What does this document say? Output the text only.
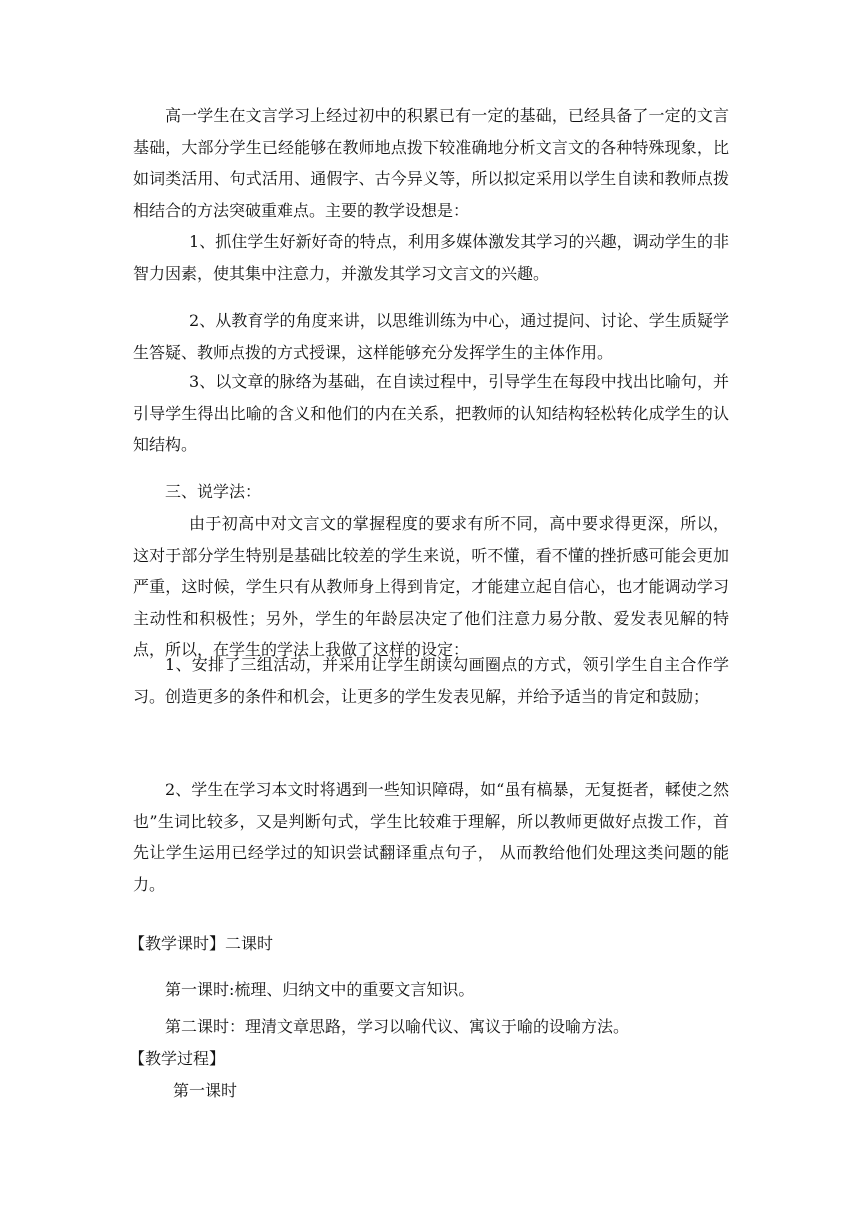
高一学生在文言学习上经过初中的积累已有一定的基础，已经具备了一定的文言基础，大部分学生已经能够在教师地点拨下较准确地分析文言文的各种特殊现象，比如词类活用、句式活用、通假字、古今异义等，所以拟定采用以学生自读和教师点拨相结合的方法突破重难点。主要的教学设想是：

1、抓住学生好新好奇的特点，利用多媒体激发其学习的兴趣，调动学生的非智力因素，使其集中注意力，并激发其学习文言文的兴趣。

2、从教育学的角度来讲，以思维训练为中心，通过提问、讨论、学生质疑学生答疑、教师点拨的方式授课，这样能够充分发挥学生的主体作用。

3、以文章的脉络为基础，在自读过程中，引导学生在每段中找出比喻句，并引导学生得出比喻的含义和他们的内在关系，把教师的认知结构轻松转化成学生的认知结构。

三、说学法：

由于初高中对文言文的掌握程度的要求有所不同，高中要求得更深，所以，这对于部分学生特别是基础比较差的学生来说，听不懂，看不懂的挫折感可能会更加严重，这时候，学生只有从教师身上得到肯定，才能建立起自信心，也才能调动学习主动性和积极性；另外，学生的年龄层决定了他们注意力易分散、爱发表见解的特点，所以，在学生的学法上我做了这样的设定：

1、安排了三组活动，并采用让学生朗读勾画圈点的方式，领引学生自主合作学习。创造更多的条件和机会，让更多的学生发表见解，并给予适当的肯定和鼓励；

2、学生在学习本文时将遇到一些知识障碍，如“虽有槁暴，无复挺者，輮使之然也”生词比较多，又是判断句式，学生比较难于理解，所以教师更做好点拨工作，首先让学生运用已经学过的知识尝试翻译重点句子， 从而教给他们处理这类问题的能力。

【教学课时】二课时

第一课时:梳理、归纳文中的重要文言知识。

第二课时：理清文章思路，学习以喻代议、寓议于喻的设喻方法。

【教学过程】

第一课时
